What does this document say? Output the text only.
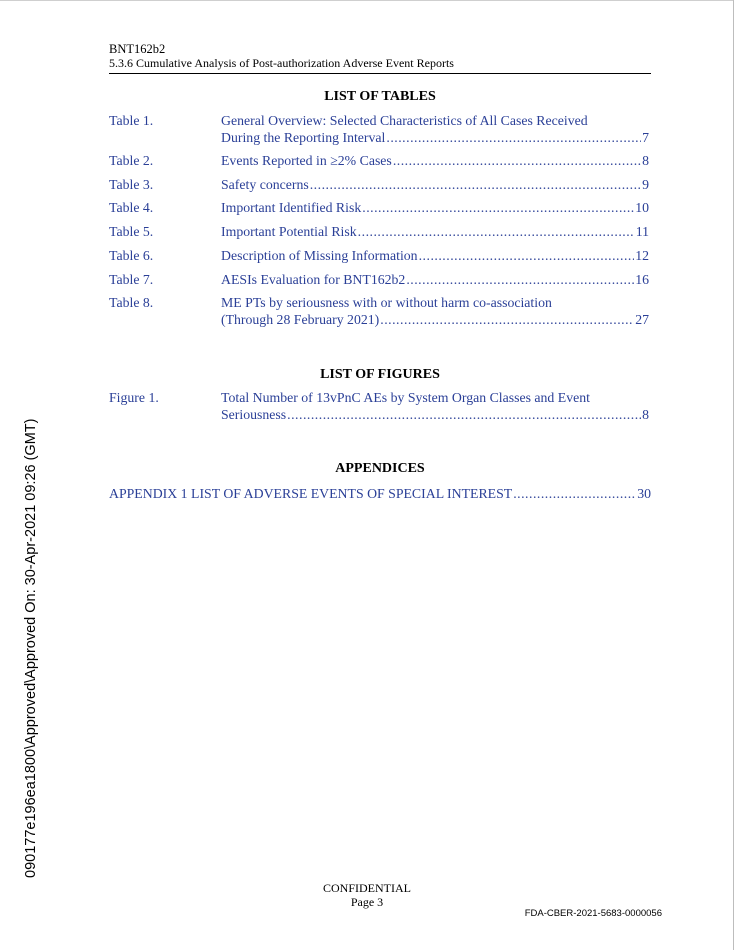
BNT162b2
5.3.6 Cumulative Analysis of Post-authorization Adverse Event Reports
LIST OF TABLES
Table 1.	General Overview: Selected Characteristics of All Cases Received
During the Reporting Interval .....	7
Table 2.	Events Reported in ≥2% Cases .....	8
Table 3.	Safety concerns .....	9
Table 4.	Important Identified Risk .....	10
Table 5.	Important Potential Risk .....	11
Table 6.	Description of Missing Information .....	12
Table 7.	AESIs Evaluation for BNT162b2 .....	16
Table 8.	ME PTs by seriousness with or without harm co-association
(Through 28 February 2021) .....	27
LIST OF FIGURES
Figure 1.	Total Number of 13vPnC AEs by System Organ Classes and Event
Seriousness .....	8
APPENDICES
APPENDIX 1 LIST OF ADVERSE EVENTS OF SPECIAL INTEREST .....	30
090177e196ea1800\Approved\Approved On: 30-Apr-2021 09:26 (GMT)
CONFIDENTIAL
Page 3
FDA-CBER-2021-5683-0000056
